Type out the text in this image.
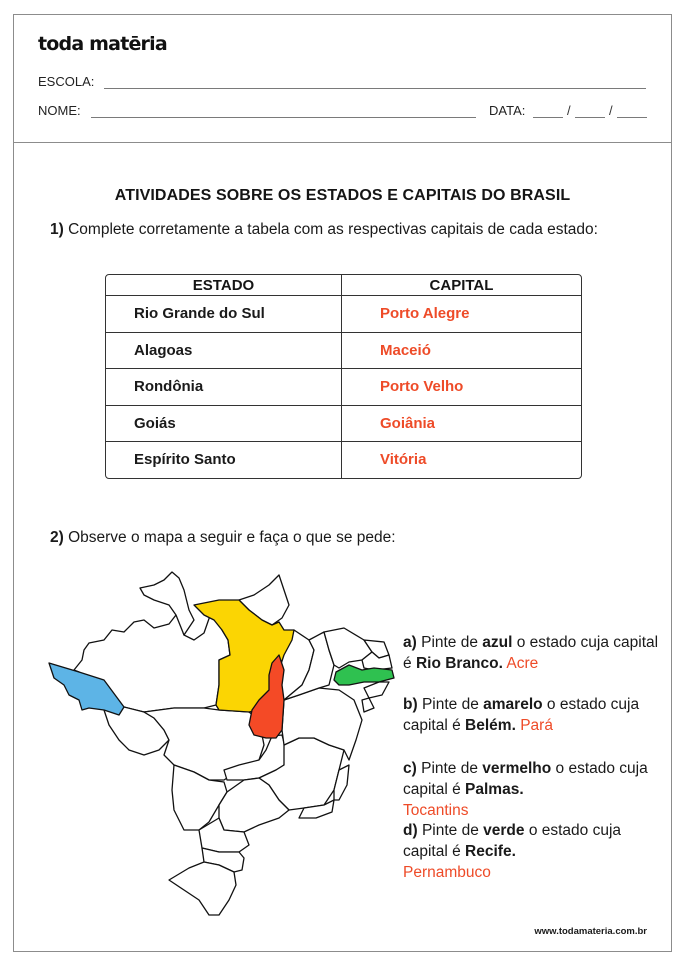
toda matēria
ESCOLA:
NOME:	DATA:	/	/
ATIVIDADES SOBRE OS ESTADOS E CAPITAIS DO BRASIL
1) Complete corretamente a tabela com as respectivas capitais de cada estado:
ESTADO	CAPITAL
Rio Grande do Sul	Porto Alegre
Alagoas	Maceió
Rondônia	Porto Velho
Goiás	Goiânia
Espírito Santo	Vitória
2) Observe o mapa a seguir e faça o que se pede:
a) Pinte de azul o estado cuja capital é Rio Branco. Acre
b) Pinte de amarelo o estado cuja capital é Belém. Pará
c) Pinte de vermelho o estado cuja capital é Palmas.
Tocantins
d) Pinte de verde o estado cuja capital é Recife.
Pernambuco
www.todamateria.com.br
